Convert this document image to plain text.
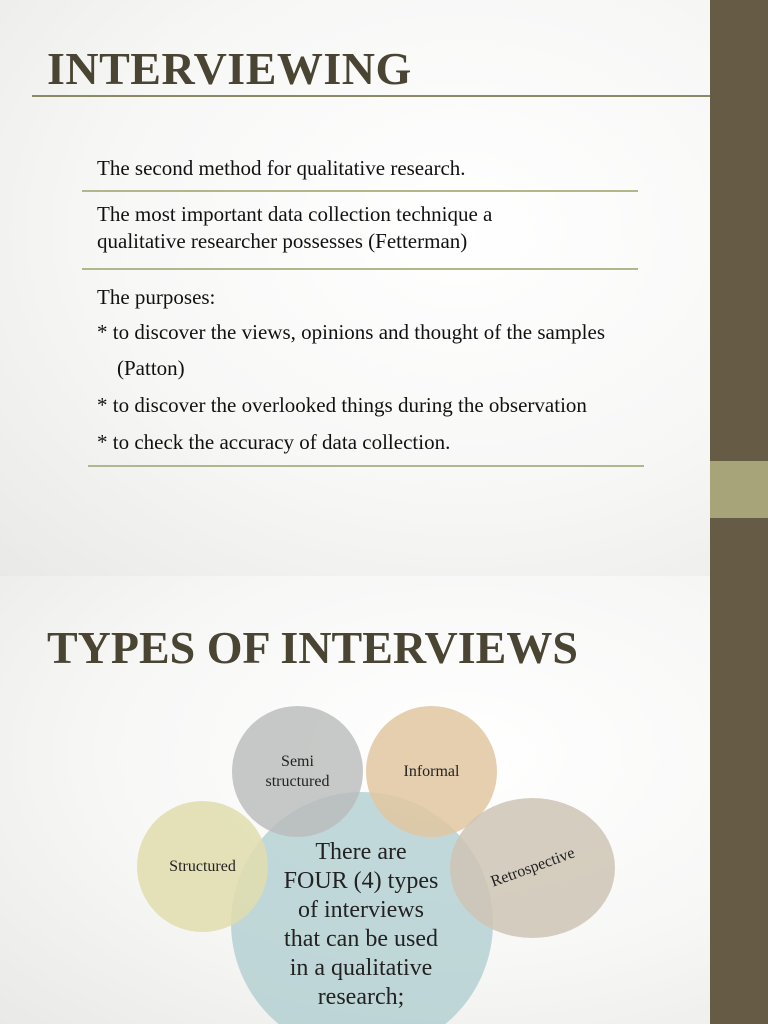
INTERVIEWING
The second method for qualitative research.
The most important data collection technique a
qualitative researcher possesses (Fetterman)
The purposes:
* to discover the views, opinions and thought of the samples
(Patton)
* to discover the overlooked things during the observation
* to check the accuracy of data collection.
TYPES OF INTERVIEWS
Semi
structured
Informal
Structured	Retrospective
There are
FOUR (4) types
of interviews
that can be used
in a qualitative
research;
